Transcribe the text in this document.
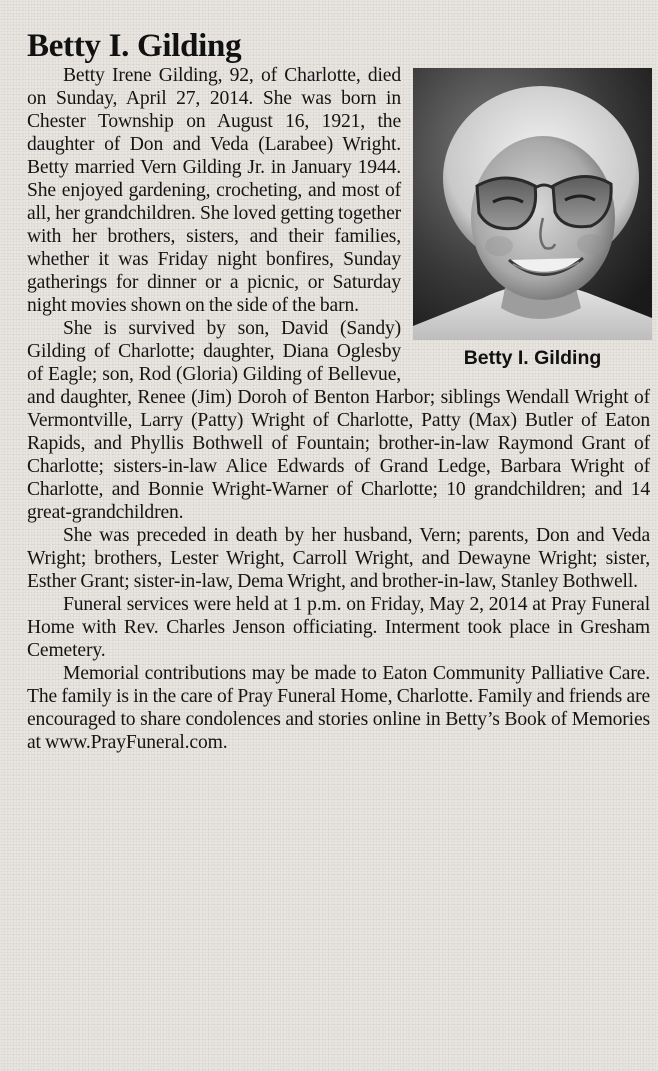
Betty I. Gilding
Betty I. Gilding

Betty Irene Gilding, 92, of Charlotte, died on Sunday, April 27, 2014. She was born in Chester Township on August 16, 1921, the daughter of Don and Veda (Larabee) Wright. Betty married Vern Gilding Jr. in January 1944. She enjoyed gardening, crocheting, and most of all, her grandchildren. She loved getting together with her brothers, sisters, and their families, whether it was Friday night bonfires, Sunday gatherings for dinner or a picnic, or Saturday night movies shown on the side of the barn.

She is survived by son, David (Sandy) Gilding of Charlotte; daughter, Diana Oglesby of Eagle; son, Rod (Gloria) Gilding of Bellevue, and daughter, Renee (Jim) Doroh of Benton Harbor; siblings Wendall Wright of Vermontville, Larry (Patty) Wright of Charlotte, Patty (Max) Butler of Eaton Rapids, and Phyllis Bothwell of Fountain; brother-in-law Raymond Grant of Charlotte; sisters-in-law Alice Edwards of Grand Ledge, Barbara Wright of Charlotte, and Bonnie Wright-Warner of Charlotte; 10 grandchildren; and 14 great-grandchildren.

She was preceded in death by her husband, Vern; parents, Don and Veda Wright; brothers, Lester Wright, Carroll Wright, and Dewayne Wright; sister, Esther Grant; sister-in-law, Dema Wright, and brother-in-law, Stanley Bothwell.

Funeral services were held at 1 p.m. on Friday, May 2, 2014 at Pray Funeral Home with Rev. Charles Jenson officiating. Interment took place in Gresham Cemetery.

Memorial contributions may be made to Eaton Community Palliative Care. The family is in the care of Pray Funeral Home, Charlotte. Family and friends are encouraged to share condolences and stories online in Betty’s Book of Memories at www.PrayFuneral.com.
